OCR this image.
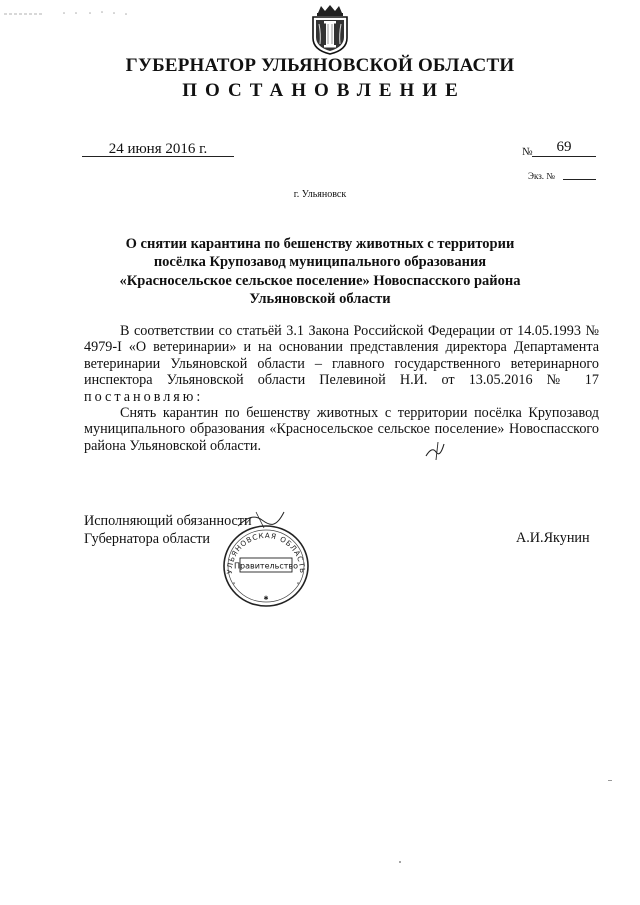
ГУБЕРНАТОР УЛЬЯНОВСКОЙ ОБЛАСТИ
ПОСТАНОВЛЕНИЕ
24 июня 2016 г.	№	69
Экз. №
г. Ульяновск
О снятии карантина по бешенству животных с территории
посёлка Крупозавод муниципального образования
«Красносельское сельское поселение» Новоспасского района
Ульяновской области

В соответствии со статьёй 3.1 Закона Российской Федерации от 14.05.1993 № 4979-I «О ветеринарии» и на основании представления директора Департамента ветеринарии Ульяновской области – главного государственного ветеринарного инспектора Ульяновской области Пелевиной Н.И. от 13.05.2016 № 17 постановляю:

Снять карантин по бешенству животных с территории посёлка Крупозавод муниципального образования «Красносельское сельское поселение» Новоспасского района Ульяновской области.

Исполняющий обязанности
Губернатора области	А.И.Якунин
УЛЬЯНОВСКАЯ ОБЛАСТЬ
Правительство
✱
*	*
